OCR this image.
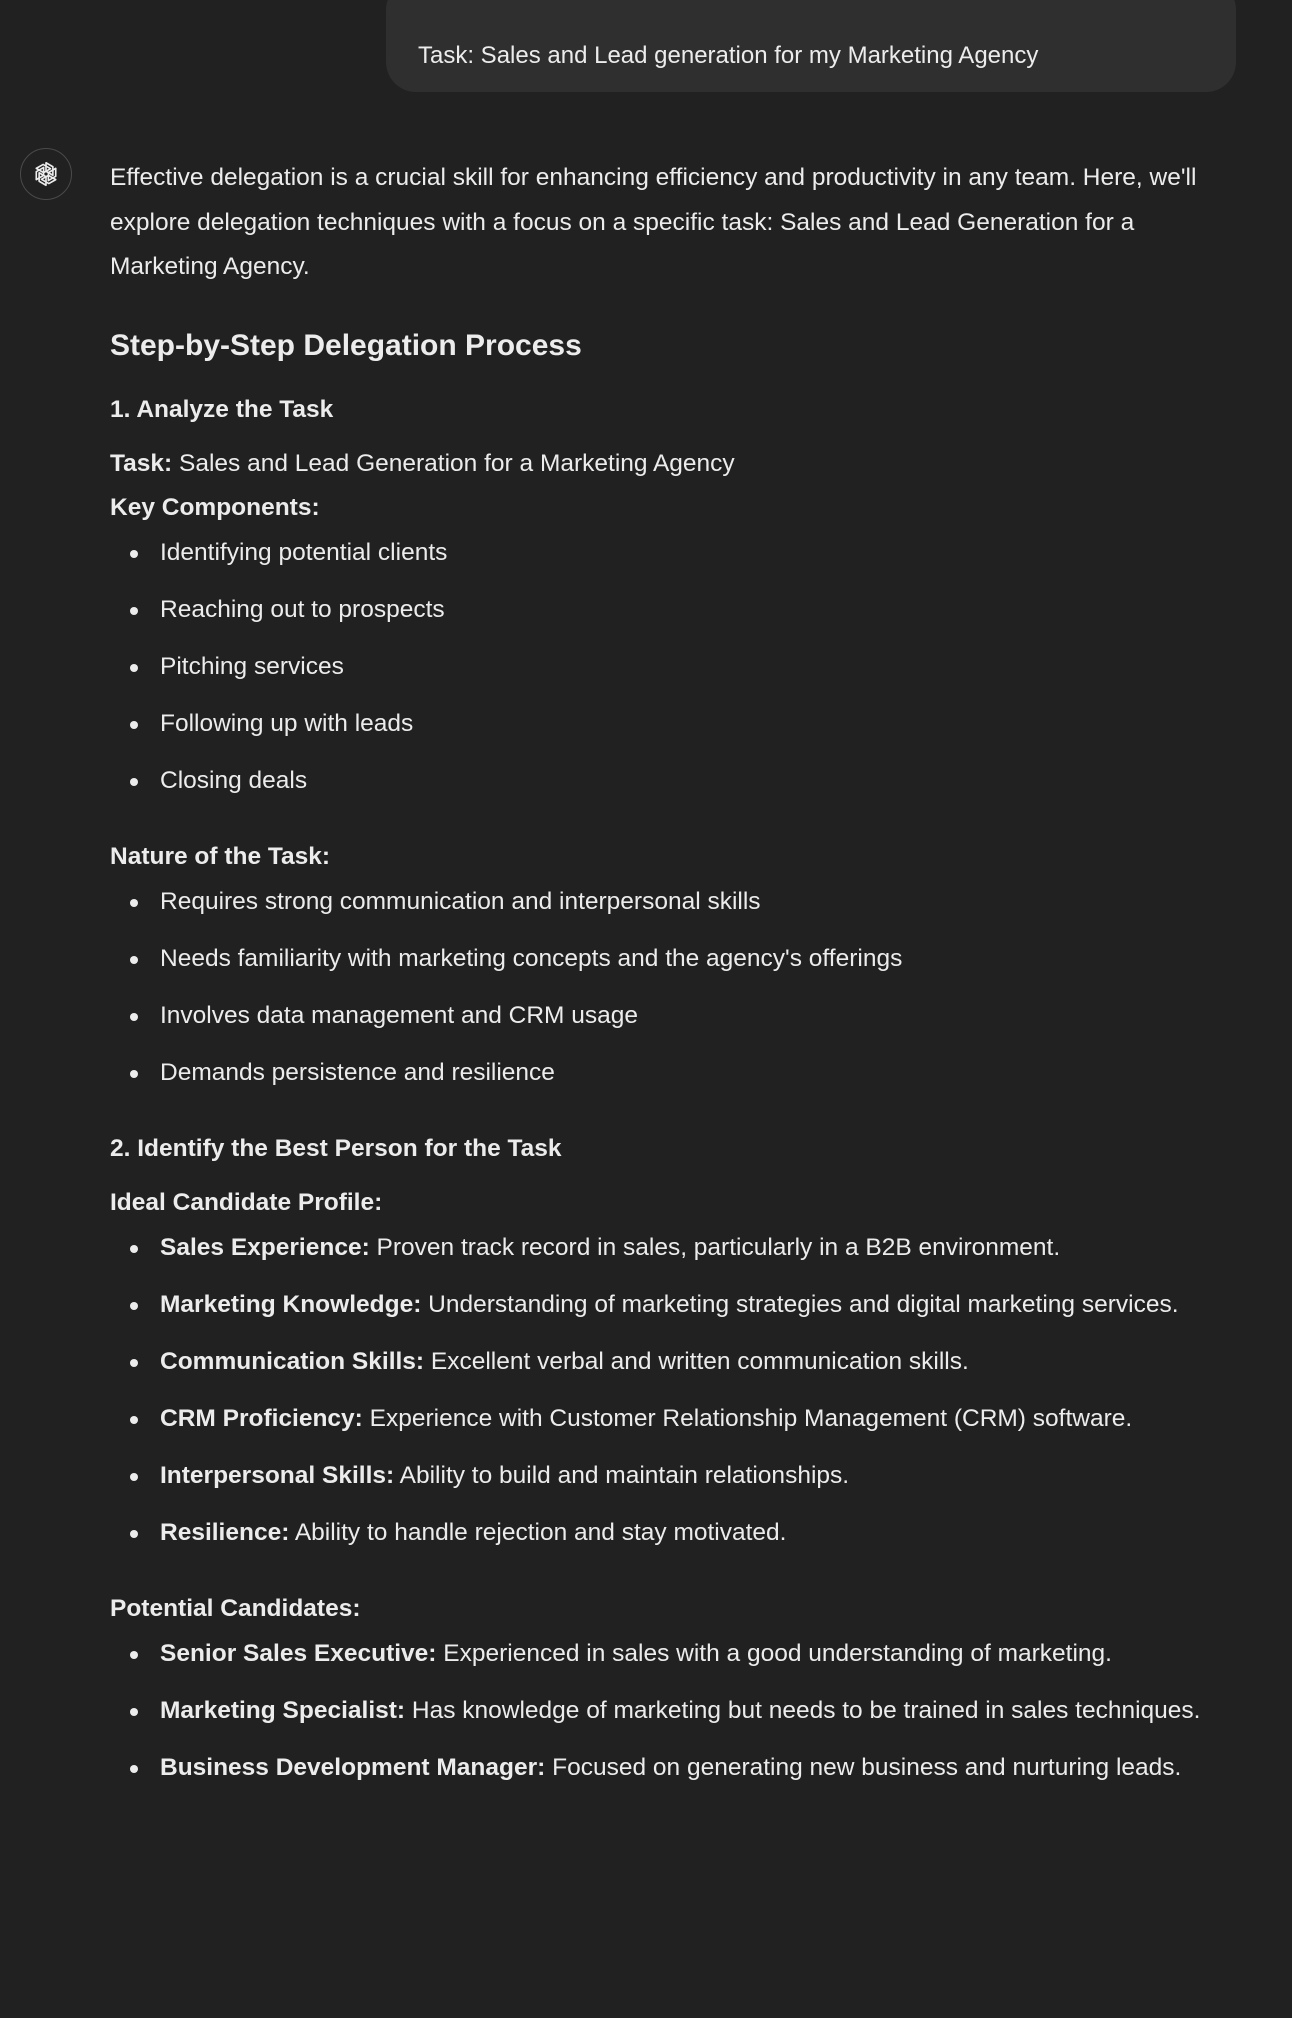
Task: Sales and Lead generation for my Marketing Agency

Effective delegation is a crucial skill for enhancing efficiency and productivity in any team. Here, we'll explore delegation techniques with a focus on a specific task: Sales and Lead Generation for a Marketing Agency.

Step-by-Step Delegation Process
1. Analyze the Task

Task: Sales and Lead Generation for a Marketing Agency

Key Components:

Identifying potential clients
Reaching out to prospects
Pitching services
Following up with leads
Closing deals

Nature of the Task:

Requires strong communication and interpersonal skills
Needs familiarity with marketing concepts and the agency's offerings
Involves data management and CRM usage
Demands persistence and resilience
2. Identify the Best Person for the Task

Ideal Candidate Profile:

Sales Experience: Proven track record in sales, particularly in a B2B environment.
Marketing Knowledge: Understanding of marketing strategies and digital marketing services.
Communication Skills: Excellent verbal and written communication skills.
CRM Proficiency: Experience with Customer Relationship Management (CRM) software.
Interpersonal Skills: Ability to build and maintain relationships.
Resilience: Ability to handle rejection and stay motivated.

Potential Candidates:

Senior Sales Executive: Experienced in sales with a good understanding of marketing.
Marketing Specialist: Has knowledge of marketing but needs to be trained in sales techniques.
Business Development Manager: Focused on generating new business and nurturing leads.
